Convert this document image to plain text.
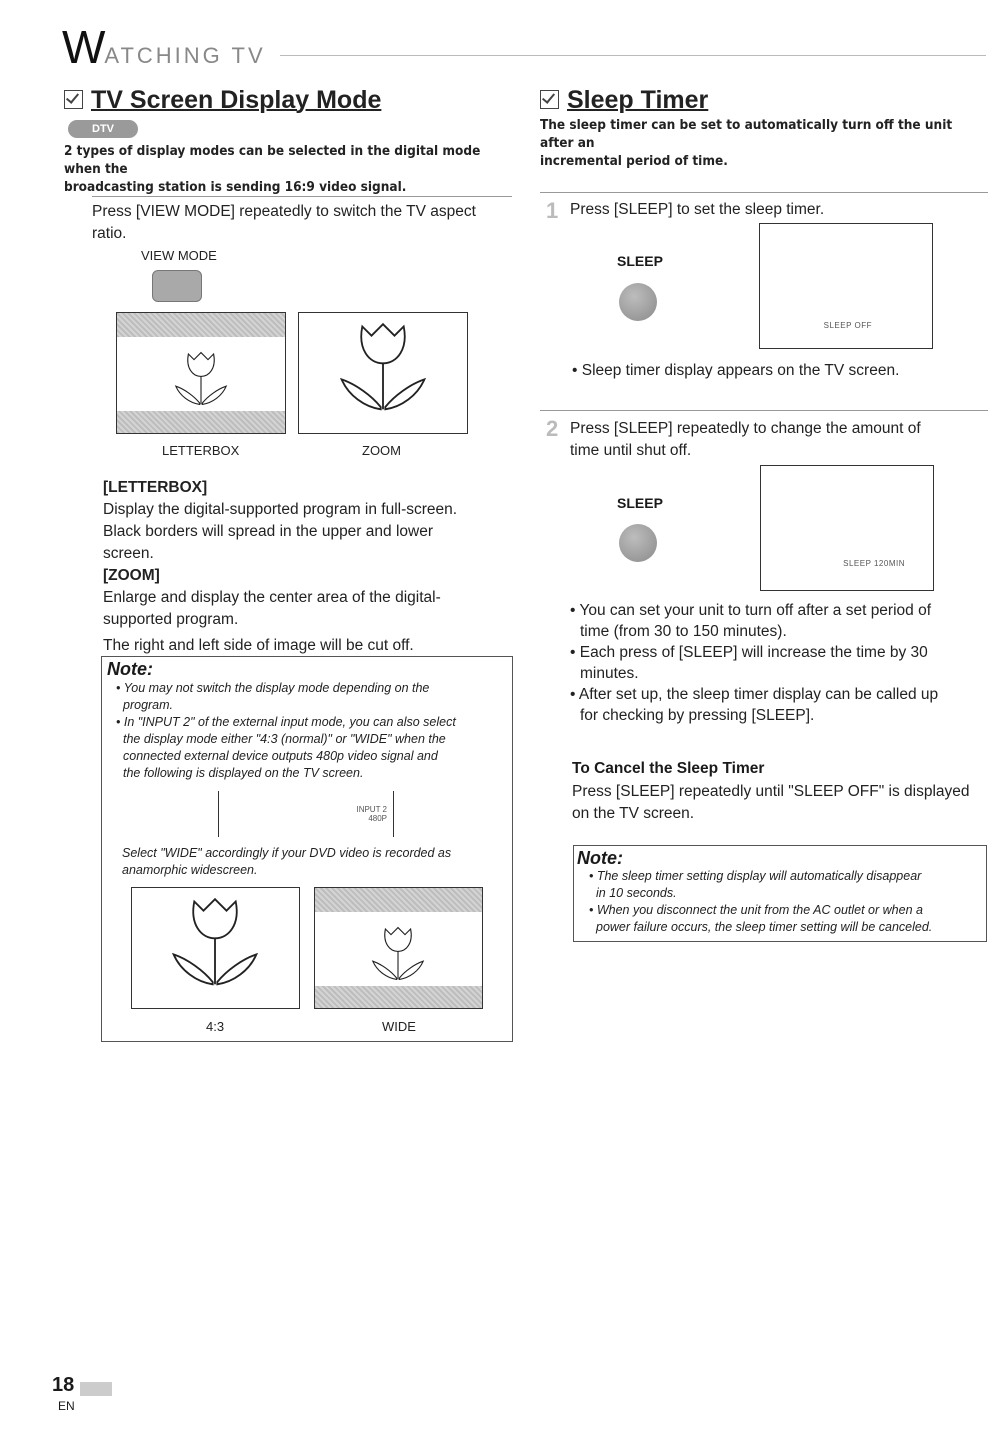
WATCHING TV
TV Screen Display Mode
DTV
2 types of display modes can be selected in the digital mode when the
broadcasting station is sending 16:9 video signal.
Press [VIEW MODE] repeatedly to switch the TV aspect
ratio.
VIEW MODE
LETTERBOX	ZOOM
[LETTERBOX]
Display the digital-supported program in full-screen.
Black borders will spread in the upper and lower
screen.
[ZOOM]
Enlarge and display the center area of the digital-
supported program.
The right and left side of image will be cut off.
Note:
• You may not switch the display mode depending on the
program.
• In "INPUT 2" of the external input mode, you can also select
the display mode either "4:3 (normal)" or "WIDE" when the
connected external device outputs 480p video signal and
the following is displayed on the TV screen.
INPUT 2
480P
Select "WIDE" accordingly if your DVD video is recorded as
anamorphic widescreen.
4:3	WIDE
Sleep Timer
The sleep timer can be set to automatically turn off the unit after an
incremental period of time.
1 Press [SLEEP] to set the sleep timer.
SLEEP
SLEEP OFF
• Sleep timer display appears on the TV screen.
2 Press [SLEEP] repeatedly to change the amount of
time until shut off.
SLEEP
SLEEP 120MIN
• You can set your unit to turn off after a set period of
time (from 30 to 150 minutes).
• Each press of [SLEEP] will increase the time by 30
minutes.
• After set up, the sleep timer display can be called up
for checking by pressing [SLEEP].
To Cancel the Sleep Timer
Press [SLEEP] repeatedly until "SLEEP OFF" is displayed
on the TV screen.
Note:
• The sleep timer setting display will automatically disappear
in 10 seconds.
• When you disconnect the unit from the AC outlet or when a
power failure occurs, the sleep timer setting will be canceled.
18
EN
